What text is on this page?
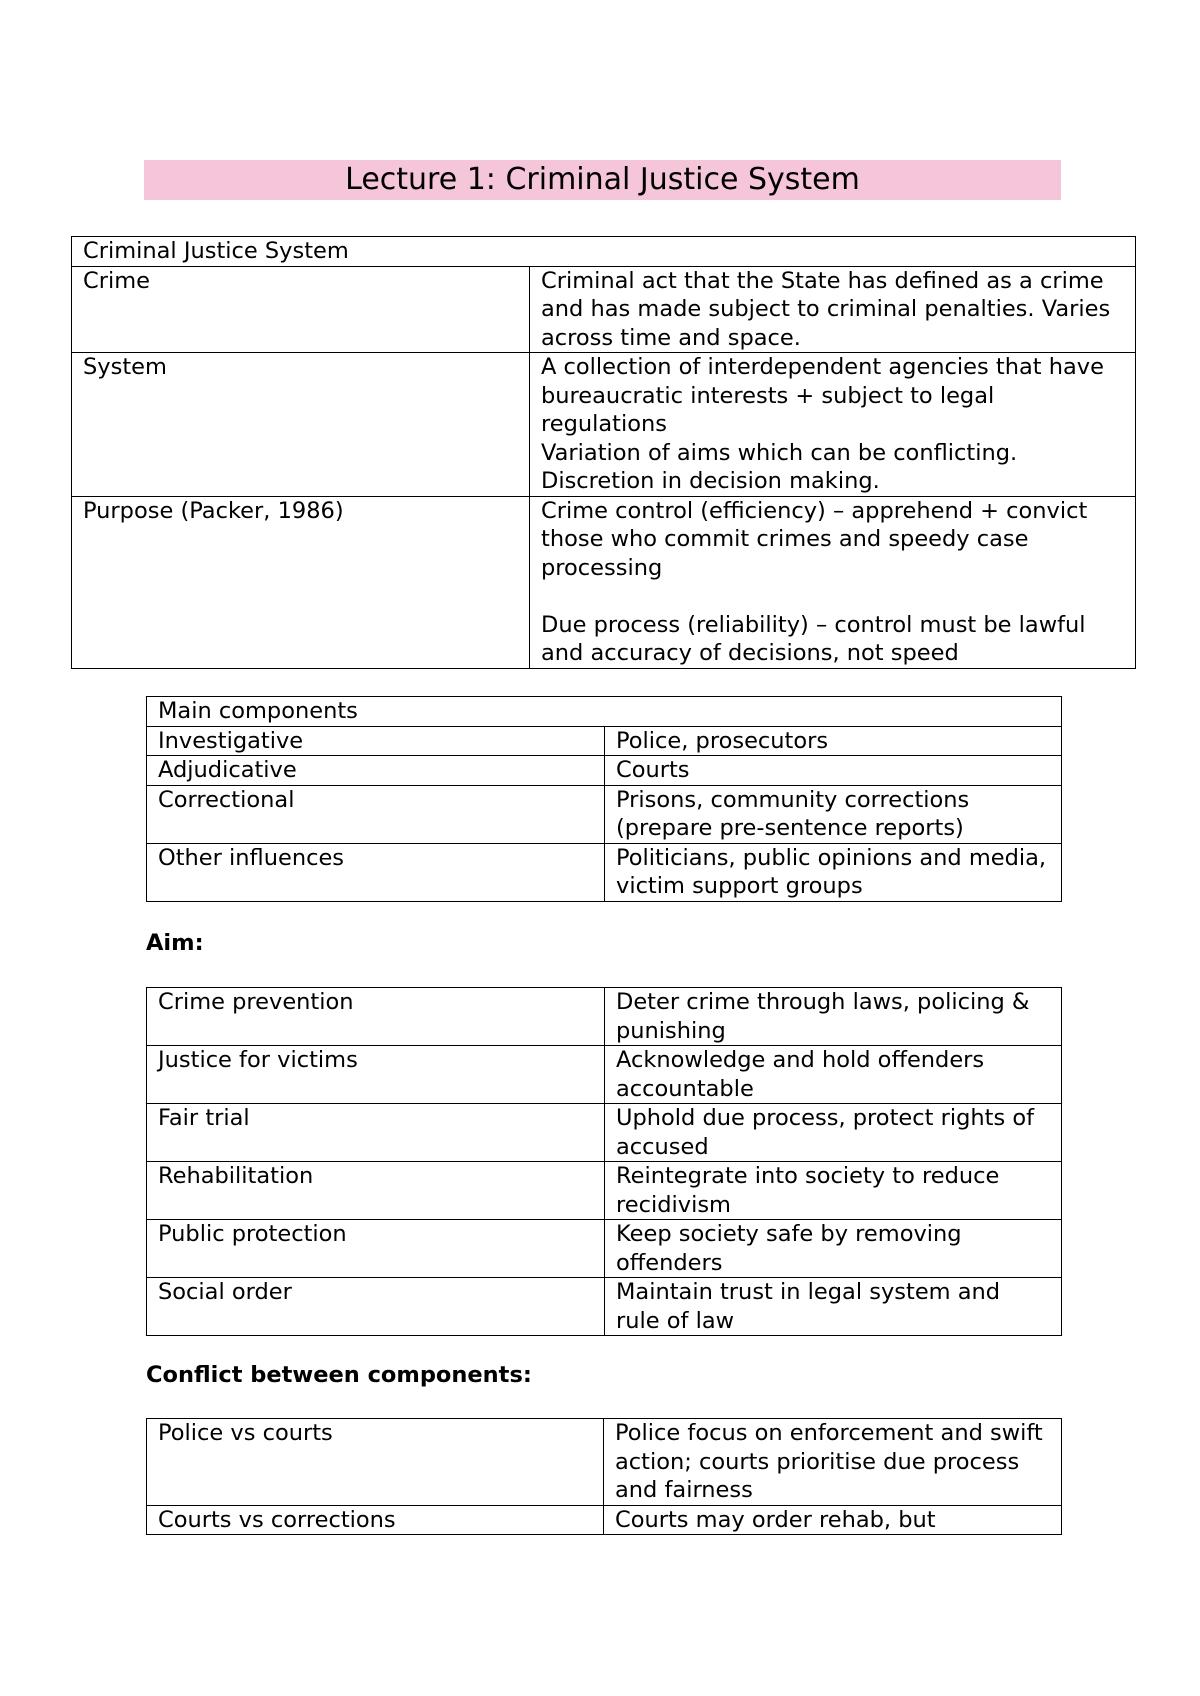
Lecture 1: Criminal Justice System
Criminal Justice System	
Crime	Criminal act that the State has defined as a crime and has made subject to criminal penalties. Varies across time and space.
System	A collection of interdependent agencies that have bureaucratic interests + subject to legal regulations
Variation of aims which can be conflicting.
Discretion in decision making.
Purpose (Packer, 1986)	Crime control (efficiency) – apprehend + convict those who commit crimes and speedy case processing

Due process (reliability) – control must be lawful and accuracy of decisions, not speed
Main components	
Investigative	Police, prosecutors
Adjudicative	Courts
Correctional	Prisons, community corrections (prepare pre-sentence reports)
Other influences	Politicians, public opinions and media, victim support groups
Aim:
Crime prevention	Deter crime through laws, policing & punishing
Justice for victims	Acknowledge and hold offenders accountable
Fair trial	Uphold due process, protect rights of accused
Rehabilitation	Reintegrate into society to reduce recidivism
Public protection	Keep society safe by removing offenders
Social order	Maintain trust in legal system and rule of law
Conflict between components:
Police vs courts	Police focus on enforcement and swift action; courts prioritise due process and fairness
Courts vs corrections	Courts may order rehab, but
